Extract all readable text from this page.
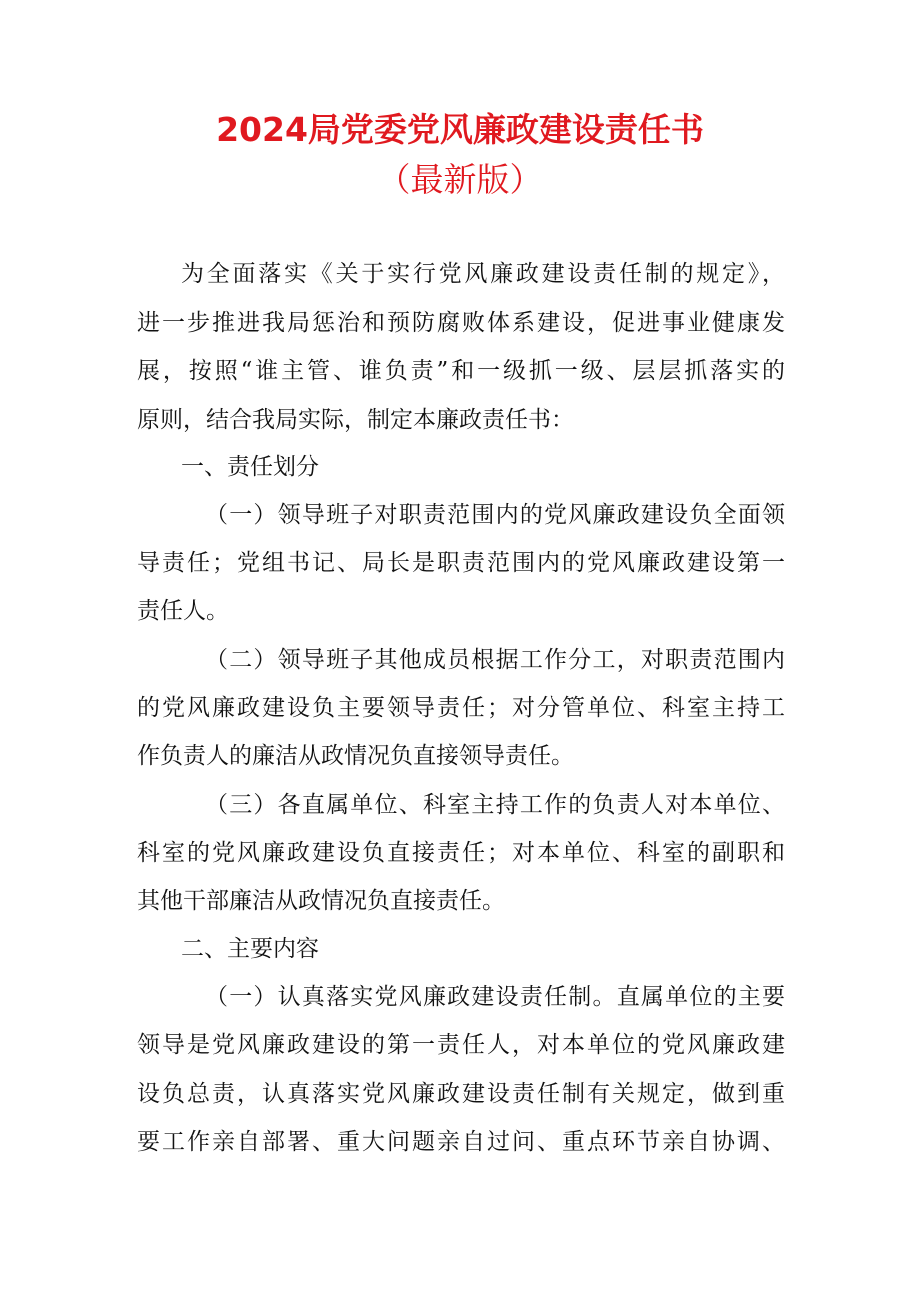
2024局党委党风廉政建设责任书
（最新版）
为全面落实《关于实行党风廉政建设责任制的规定》，
进一步推进我局惩治和预防腐败体系建设，促进事业健康发
展，按照“谁主管、谁负责”和一级抓一级、层层抓落实的
原则，结合我局实际，制定本廉政责任书：
一、责任划分
（一）领导班子对职责范围内的党风廉政建设负全面领
导责任；党组书记、局长是职责范围内的党风廉政建设第一
责任人。
（二）领导班子其他成员根据工作分工，对职责范围内
的党风廉政建设负主要领导责任；对分管单位、科室主持工
作负责人的廉洁从政情况负直接领导责任。
（三）各直属单位、科室主持工作的负责人对本单位、
科室的党风廉政建设负直接责任；对本单位、科室的副职和
其他干部廉洁从政情况负直接责任。
二、主要内容
（一）认真落实党风廉政建设责任制。直属单位的主要
领导是党风廉政建设的第一责任人，对本单位的党风廉政建
设负总责，认真落实党风廉政建设责任制有关规定，做到重
要工作亲自部署、重大问题亲自过问、重点环节亲自协调、
